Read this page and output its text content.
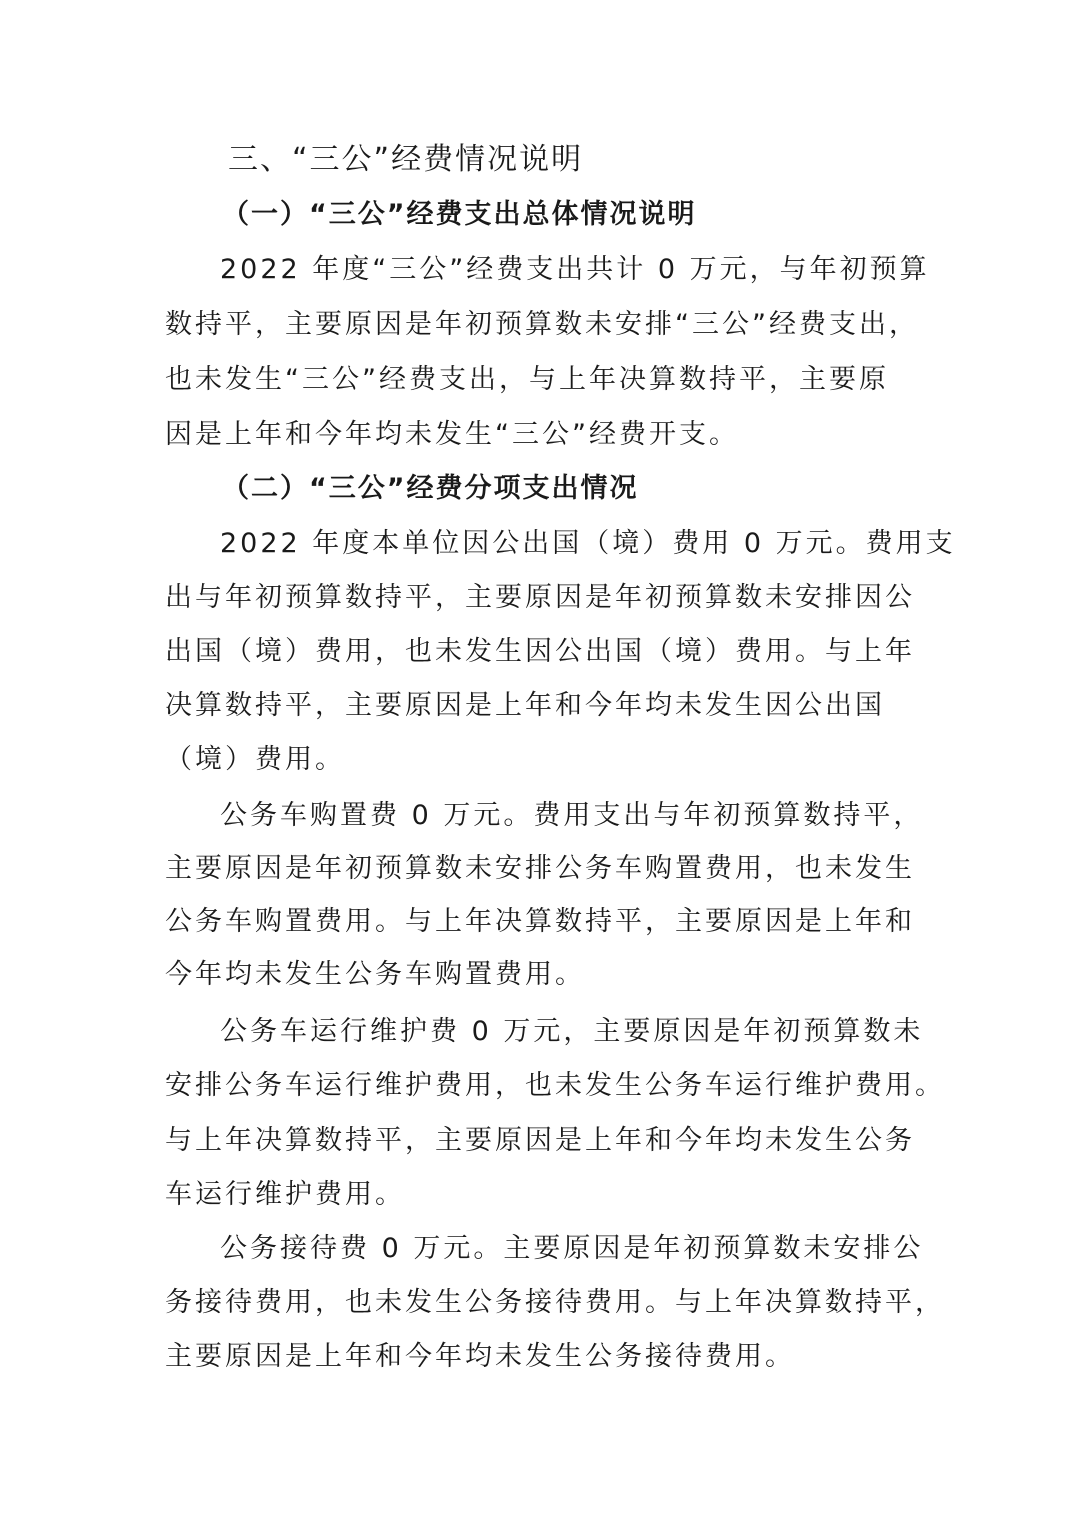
三、“三公”经费情况说明
（一）“三公”经费支出总体情况说明
2022 年度“三公”经费支出共计 0 万元，与年初预算
数持平，主要原因是年初预算数未安排“三公”经费支出，
也未发生“三公”经费支出，与上年决算数持平，主要原
因是上年和今年均未发生“三公”经费开支。
（二）“三公”经费分项支出情况
2022 年度本单位因公出国（境）费用 0 万元。费用支
出与年初预算数持平，主要原因是年初预算数未安排因公
出国（境）费用，也未发生因公出国（境）费用。与上年
决算数持平，主要原因是上年和今年均未发生因公出国
（境）费用。
公务车购置费 0 万元。费用支出与年初预算数持平，
主要原因是年初预算数未安排公务车购置费用，也未发生
公务车购置费用。与上年决算数持平，主要原因是上年和
今年均未发生公务车购置费用。
公务车运行维护费 0 万元，主要原因是年初预算数未
安排公务车运行维护费用，也未发生公务车运行维护费用。
与上年决算数持平，主要原因是上年和今年均未发生公务
车运行维护费用。
公务接待费 0 万元。主要原因是年初预算数未安排公
务接待费用，也未发生公务接待费用。与上年决算数持平，
主要原因是上年和今年均未发生公务接待费用。
